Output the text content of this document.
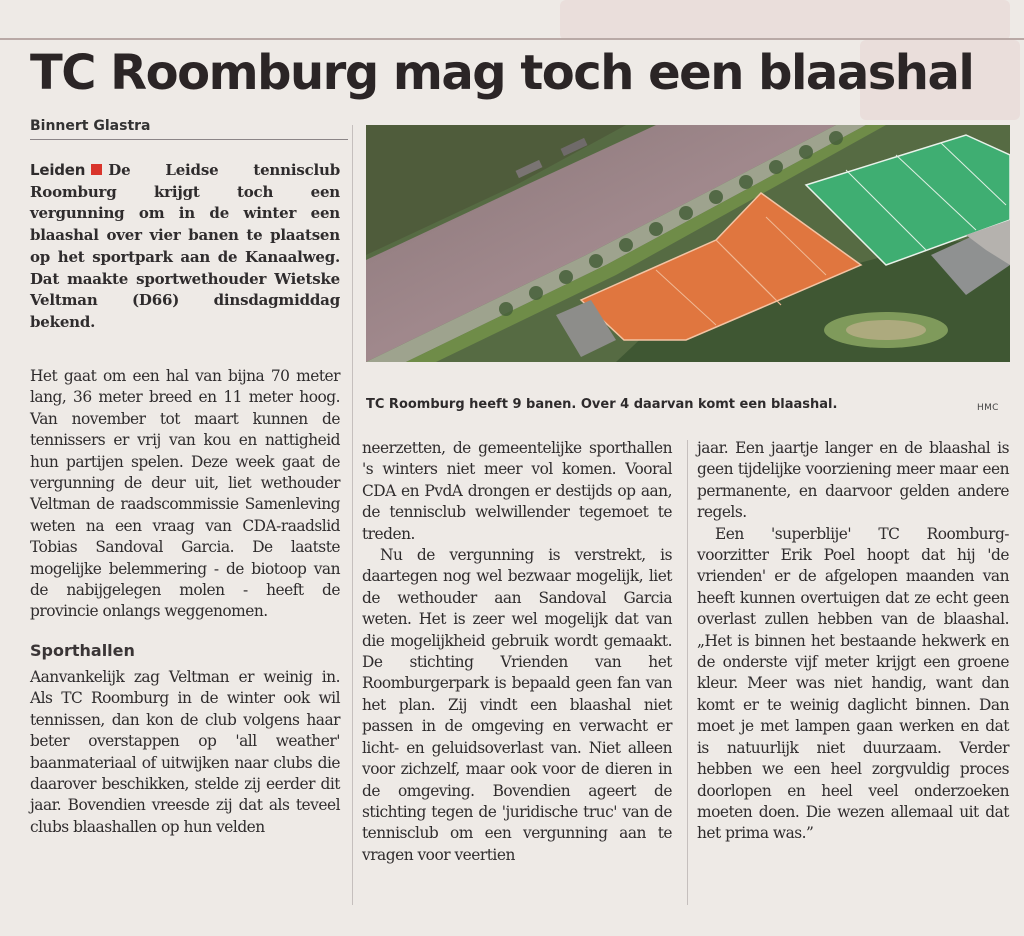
TC Roomburg mag toch een blaashal
Binnert Glastra

Leiden De Leidse tennisclub Roomburg krijgt toch een vergunning om in de winter een blaashal over vier banen te plaatsen op het sportpark aan de Kanaalweg. Dat maakte sportwethouder Wietske Veltman (D66) dinsdagmiddag bekend.

Het gaat om een hal van bijna 70 meter lang, 36 meter breed en 11 meter hoog. Van november tot maart kunnen de tennissers er vrij van kou en nattigheid hun partijen spelen. Deze week gaat de vergunning de deur uit, liet wethouder Veltman de raadscommissie Samenleving weten na een vraag van CDA-raadslid Tobias Sandoval Garcia. De laatste mogelijke belemmering - de biotoop van de nabijgelegen molen - heeft de provincie onlangs weggenomen.

Sporthallen

Aanvankelijk zag Veltman er weinig in. Als TC Roomburg in de winter ook wil tennissen, dan kon de club volgens haar beter overstappen op 'all weather' baanmateriaal of uitwijken naar clubs die daarover beschikken, stelde zij eerder dit jaar. Bovendien vreesde zij dat als teveel clubs blaashallen op hun velden

TC Roomburg heeft 9 banen. Over 4 daarvan komt een blaashal.	HMC

neerzetten, de gemeentelijke sporthallen 's winters niet meer vol komen. Vooral CDA en PvdA drongen er destijds op aan, de tennisclub welwillender tegemoet te treden.

Nu de vergunning is verstrekt, is daartegen nog wel bezwaar mogelijk, liet de wethouder aan Sandoval Garcia weten. Het is zeer wel mogelijk dat van die mogelijkheid gebruik wordt gemaakt. De stichting Vrienden van het Roomburgerpark is bepaald geen fan van het plan. Zij vindt een blaashal niet passen in de omgeving en verwacht er licht- en geluidsoverlast van. Niet alleen voor zichzelf, maar ook voor de dieren in de omgeving. Bovendien ageert de stichting tegen de 'juridische truc' van de tennisclub om een vergunning aan te vragen voor veertien

jaar. Een jaartje langer en de blaashal is geen tijdelijke voorziening meer maar een permanente, en daarvoor gelden andere regels.

Een 'superblije' TC Roomburg-voorzitter Erik Poel hoopt dat hij 'de vrienden' er de afgelopen maanden van heeft kunnen overtuigen dat ze echt geen overlast zullen hebben van de blaashal. „Het is binnen het bestaande hekwerk en de onderste vijf meter krijgt een groene kleur. Meer was niet handig, want dan komt er te weinig daglicht binnen. Dan moet je met lampen gaan werken en dat is natuurlijk niet duurzaam. Verder hebben we een heel zorgvuldig proces doorlopen en heel veel onderzoeken moeten doen. Die wezen allemaal uit dat het prima was.”
